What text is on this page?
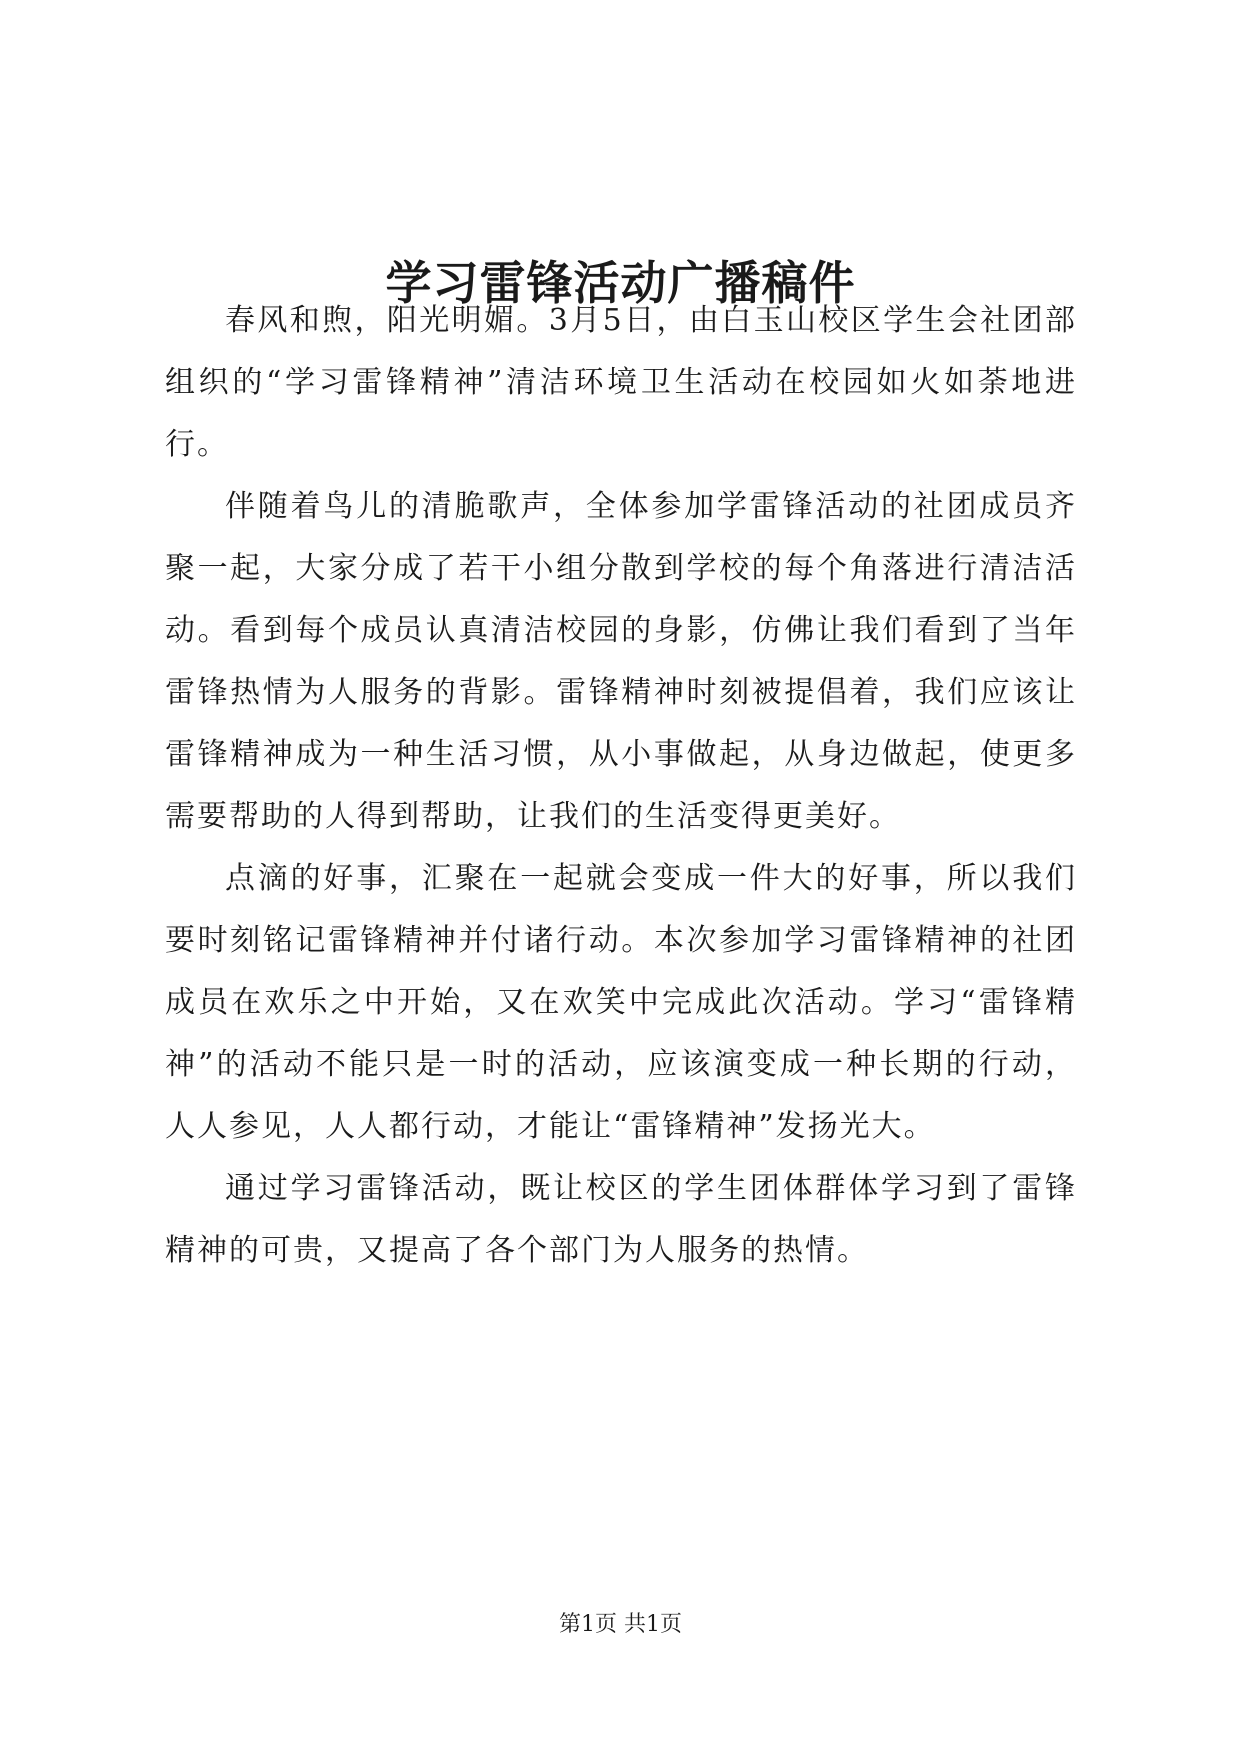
学习雷锋活动广播稿件

春风和煦，阳光明媚。3月5日，由白玉山校区学生会社团部组织的“学习雷锋精神”清洁环境卫生活动在校园如火如荼地进行。

伴随着鸟儿的清脆歌声，全体参加学雷锋活动的社团成员齐聚一起，大家分成了若干小组分散到学校的每个角落进行清洁活动。看到每个成员认真清洁校园的身影，仿佛让我们看到了当年雷锋热情为人服务的背影。雷锋精神时刻被提倡着，我们应该让雷锋精神成为一种生活习惯，从小事做起，从身边做起，使更多需要帮助的人得到帮助，让我们的生活变得更美好。

点滴的好事，汇聚在一起就会变成一件大的好事，所以我们要时刻铭记雷锋精神并付诸行动。本次参加学习雷锋精神的社团成员在欢乐之中开始，又在欢笑中完成此次活动。学习“雷锋精神”的活动不能只是一时的活动，应该演变成一种长期的行动，人人参见，人人都行动，才能让“雷锋精神”发扬光大。

通过学习雷锋活动，既让校区的学生团体群体学习到了雷锋精神的可贵，又提高了各个部门为人服务的热情。

第1页 共1页
